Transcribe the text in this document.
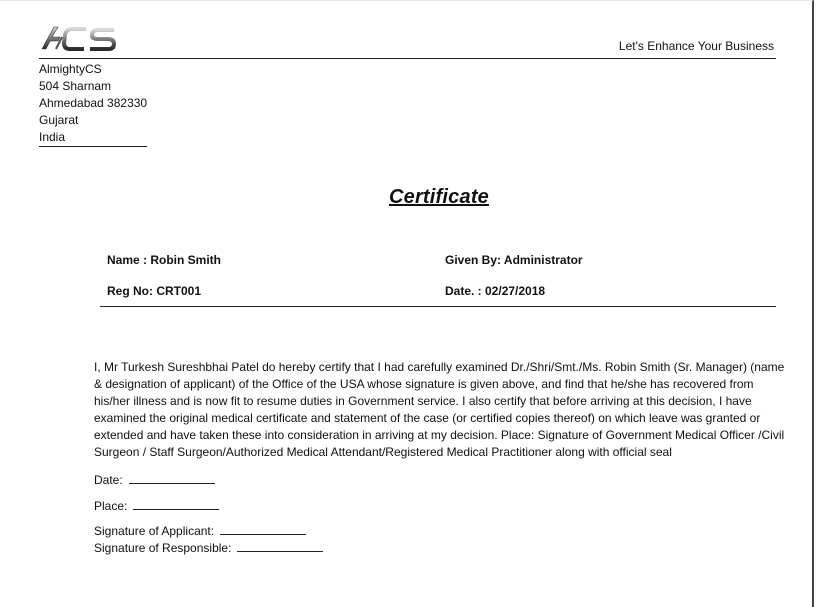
Let's Enhance Your Business
AlmightyCS
504 Sharnam
Ahmedabad 382330
Gujarat
India
Certificate
Name : Robin Smith	Given By: Administrator
Reg No: CRT001	Date. : 02/27/2018
I, Mr Turkesh Sureshbhai Patel do hereby certify that I had carefully examined Dr./Shri/Smt./Ms. Robin Smith (Sr. Manager) (name & designation of applicant) of the Office of the USA whose signature is given above, and find that he/she has recovered from his/her illness and is now fit to resume duties in Government service. I also certify that before arriving at this decision, I have examined the original medical certificate and statement of the case (or certified copies thereof) on which leave was granted or extended and have taken these into consideration in arriving at my decision. Place: Signature of Government Medical Officer /Civil Surgeon / Staff Surgeon/Authorized Medical Attendant/Registered Medical Practitioner along with official seal
Date:
Place:
Signature of Applicant:
Signature of Responsible:
